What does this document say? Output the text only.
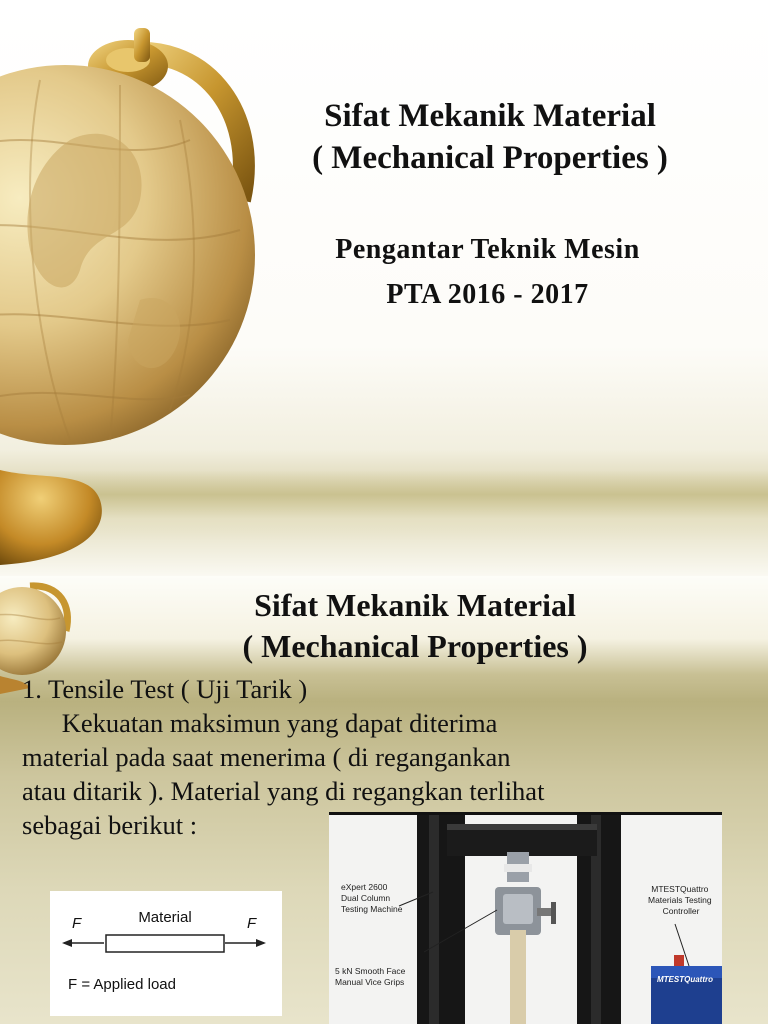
Sifat Mekanik Material
( Mechanical Properties )
Pengantar Teknik Mesin
PTA 2016 - 2017
Sifat Mekanik Material
( Mechanical Properties )
1. Tensile Test ( Uji Tarik )
Kekuatan maksimun yang dapat diterima
material pada saat menerima ( di regangankan
atau ditarik ). Material yang di regangkan terlihat
sebagai berikut :
Material
F	F
F = Applied load	MTESTQuattro
eXpert 2600 Dual Column Testing Machine
5 kN Smooth Face Manual Vice Grips
MTESTQuattro Materials Testing Controller
